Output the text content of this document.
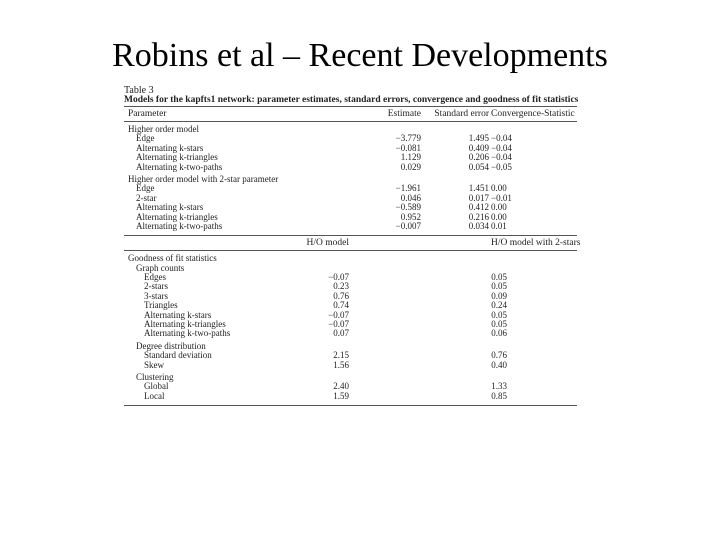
Robins et al – Recent Developments
Table 3
Models for the kapfts1 network: parameter estimates, standard errors, convergence and goodness of fit statistics
Parameter	Estimate Standard error Convergence-Statistic
Higher order model
Edge	−3.779	1.495 −0.04
Alternating k-stars	−0.081	0.409 −0.04
Alternating k-triangles	1.129	0.206 −0.04
Alternating k-two-paths	0.029	0.054 −0.05
Higher order model with 2-star parameter
Edge	−1.961	1.451 0.00
2-star	0.046	0.017 −0.01
Alternating k-stars	−0.589	0.412 0.00
Alternating k-triangles	0.952	0.216 0.00
Alternating k-two-paths	−0.007	0.034 0.01
H/O model	H/O model with 2-stars
Goodness of fit statistics
Graph counts
Edges	−0.07	0.05
2-stars	0.23	0.05
3-stars	0.76	0.09
Triangles	0.74	0.24
Alternating k-stars	−0.07	0.05
Alternating k-triangles	−0.07	0.05
Alternating k-two-paths	0.07	0.06
Degree distribution
Standard deviation	2.15	0.76
Skew	1.56	0.40
Clustering
Global	2.40	1.33
Local	1.59	0.85
